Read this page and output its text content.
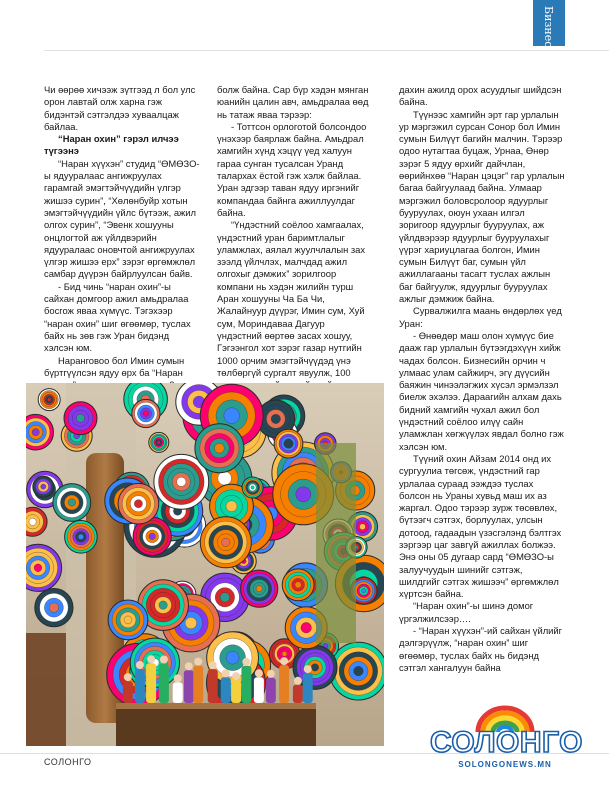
Бизнес

Чи өөрөө хичээж зүтгээд л бол улс орон лавтай олж харна гэж бидэнтэй сэтгэлдээ хуваалцаж байлаа.

“Наран охин” гэрэл илчээ түгээнэ

“Наран хүүхэн” студид “ӨМӨЗО-ы ядууралаас ангижруулах гарамгай эмэгтэйчүүдийн үлгэр жишээ сурин”, “Хөлөнбуйр хотын эмэгтэйчүүдийн үйлс бүтээж, ажил олгох сурин”, “Эвенк хошууны онцлогтой аж үйлдвэрийн ядууралаас оновчтой ангижруулах үлгэр жишээ ерх” зэрэг өргөмжлөл самбар дүүрэн байрлуулсан байв.

- Бид чинь “наран охин”-ы сайхан домгоор ажил амьдралаа босгож яваа хүмүүс. Тэгэхээр “наран охин” шиг өгөөмөр, туслах байх нь зөв гэж Уран бидэнд хэлсэн юм.

Наранговоо бол Имин сумын бүртгүүлсэн ядуу өрх ба “Наран

болж байна. Сар бүр хэдэн мянган юанийн цалин авч, амьдралаа өөд нь татаж яваа тэрээр:

- Тоттсон орлоготой болсондоо үнэхээр баярлаж байна. Амьдрал хамгийн хүнд хэцүү үед халуун гараа сунган тусалсан Уранд талархах ёстой гэж хэлж байлаа. Уран эдгээр таван ядуу иргэнийг компандаа байнга ажиллуулдаг байна.

“Үндэстний соёлоо хамгаалах, үндэстний уран баримтлалыг уламжлах, аялал жуулчлалын зах зээлд үйлчлэх, малчдад ажил олгохыг дэмжих” зорилгоор компани нь хэдэн жилийн турш Аран хошууны Ча Ба Чи, Жалайнуур дүүрэг, Имин сум, Хуй сум, Мориндаваа Дагуур үндэстний өөртөө засах хошуу, Гэгээнгол хот зэрэг газар нутгийн 1000 орчим эмэгтэйчүүдэд үнэ төлбөргүй сургалт явуулж, 100

дахин ажилд орох асуудлыг шийдсэн байна.

Түүнээс хамгийн эрт гар урлалын ур мэргэжил сурсан Сонор бол Имин сумын Билүүт багийн малчин. Тэрээр одоо нутагтаа буцаж, Урнаа, Өнөр зэрэг 5 ядуу өрхийг дайчлан, өөрийнхөө “Наран цэцэг” гар урлалын багаа байгуулаад байна. Улмаар мэргэжил боловсролоор ядуурлыг бууруулах, оюун ухаан илгэл зоригоор ядуурлыг бууруулах, аж үйлдвэрээр ядуурлыг бууруулахыг үүрэг хариуцлагаа болгон, Имин сумын Билүүт баг, сумын үйл ажиллагааны тасагт туслах ажлын баг байгуулж, ядуурлыг бууруулах ажлыг дэмжиж байна.

Сурвалжилга маань өндөрлөх үед Уран:

- Өнөөдөр маш олон хүмүүс бие дааж гар урлалын бүтээгдэхүүн хийж чадах болсон. Бизнесийн орчин ч улмаас улам сайжирч, эгү дүүсийн баяжин чинээлэгжих хүсэл эрмэлзэл биелж эхэлээ. Дараагийн алхам дахь бидний хамгийн чухал ажил бол үндэстний соёлоо илүү сайн уламжлан хөгжүүлэх явдал болно гэж хэлсэн юм.

Түүний охин Айзам 2014 онд их сургуулиа төгсөж, үндэстний гар урлалаа сураад ээждээ туслах болсон нь Ураны хувьд маш их аз жаргал. Одоо тэрээр зурж төсөвлөх, бүтээгч сэтгэх, борлуулах, улсын дотоод, гадаадын үзэсгэлэнд бэлтгэх зэргээр цаг завгүй ажиллах болжээ. Энэ оны 05 дугаар сард “ӨМӨЗО-ы залуучуудын шинийг сэтгэж, шилдгийг сэтгэх жишээч” өргөмжлөл хүртсэн байна.

“Наран охин”-ы шинэ домог үргэлжилсээр….

- “Наран хүүхэн”-ий сайхан үйлийг дэлгэрүүлж, “наран охин” шиг өгөөмөр, туслах байх нь бидэнд сэтгэл хангалуун байна

СОЛОНГО
СОЛОНГО
SOLONGONEWS.MN
